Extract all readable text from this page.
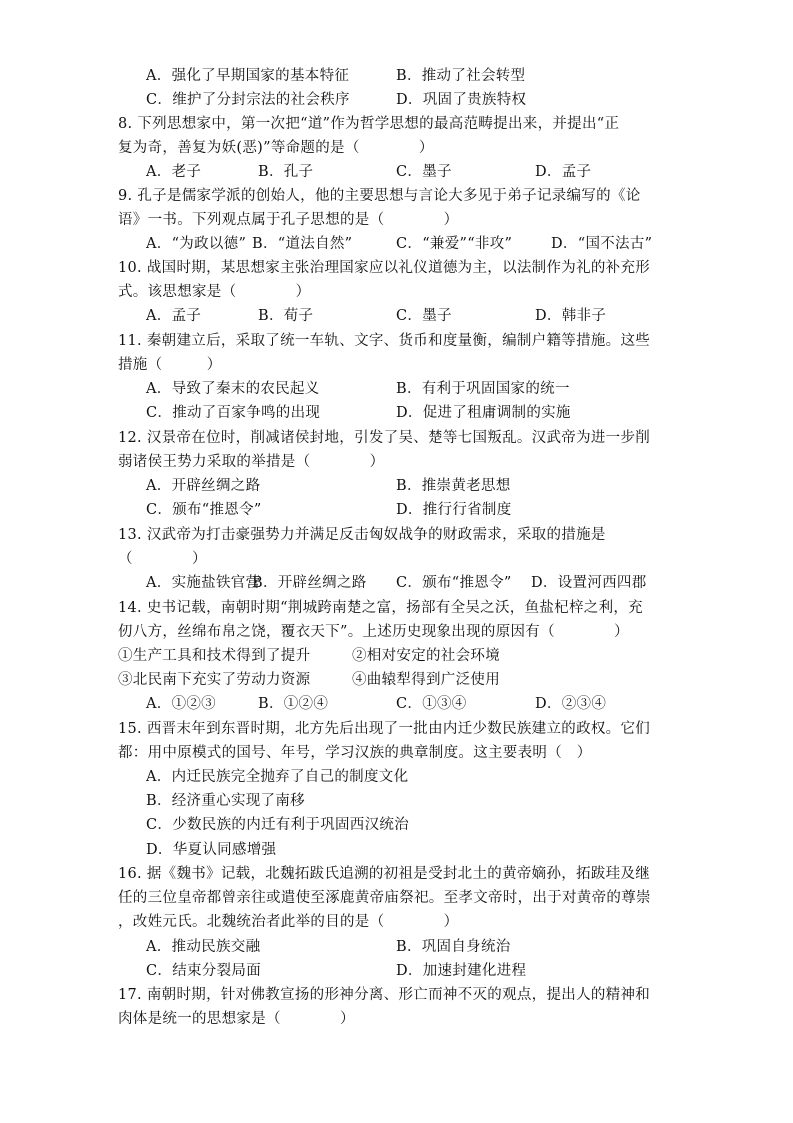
A．强化了早期国家的基本特征	B．推动了社会转型
C．维护了分封宗法的社会秩序	D．巩固了贵族特权
8. 下列思想家中，第一次把“道”作为哲学思想的最高范畴提出来，并提出“正
复为奇，善复为妖(恶)”等命题的是（　　　　）
A．老子	B．孔子	C．墨子	D．孟子
9. 孔子是儒家学派的创始人，他的主要思想与言论大多见于弟子记录编写的《论
语》一书。下列观点属于孔子思想的是（　　　　）
A．“为政以德” B．“道法自然”	C．“兼爱”“非攻”	D．“国不法古”
10. 战国时期，某思想家主张治理国家应以礼仪道德为主，以法制作为礼的补充形
式。该思想家是（　　　　）
A．孟子	B．荀子	C．墨子	D．韩非子
11. 秦朝建立后，采取了统一车轨、文字、货币和度量衡，编制户籍等措施。这些
措施（　　　）
A．导致了秦末的农民起义	B．有利于巩固国家的统一
C．推动了百家争鸣的出现	D．促进了租庸调制的实施
12. 汉景帝在位时，削减诸侯封地，引发了吴、楚等七国叛乱。汉武帝为进一步削
弱诸侯王势力采取的举措是（　　　　）
A．开辟丝绸之路	B．推崇黄老思想
C．颁布“推恩令”	D．推行行省制度
13. 汉武帝为打击豪强势力并满足反击匈奴战争的财政需求，采取的措施是
（　　　　）
A．实施盐铁官营
B．开辟丝绸之路 C．颁布“推恩令” D．设置河西四郡
14. 史书记载，南朝时期“荆城跨南楚之富，扬部有全吴之沃，鱼盐杞梓之利，充
仞八方，丝绵布帛之饶，覆衣天下”。上述历史现象出现的原因有（　　　　）
①生产工具和技术得到了提升	②相对安定的社会环境
③北民南下充实了劳动力资源	④曲辕犁得到广泛使用
A．①②③	B．①②④	C．①③④	D．②③④
15. 西晋末年到东晋时期，北方先后出现了一批由内迁少数民族建立的政权。它们
都：用中原模式的国号、年号，学习汉族的典章制度。这主要表明（　）
A．内迁民族完全抛弃了自己的制度文化
B．经济重心实现了南移
C．少数民族的内迁有利于巩固西汉统治
D．华夏认同感增强
16. 据《魏书》记载，北魏拓跋氏追溯的初祖是受封北土的黄帝嫡孙，拓跋珪及继
任的三位皇帝都曾亲往或遣使至涿鹿黄帝庙祭祀。至孝文帝时，出于对黄帝的尊崇
，改姓元氏。北魏统治者此举的目的是（　　　　）
A．推动民族交融	B．巩固自身统治
C．结束分裂局面	D．加速封建化进程
17. 南朝时期，针对佛教宣扬的形神分离、形亡而神不灭的观点，提出人的精神和
肉体是统一的思想家是（　　　　）
